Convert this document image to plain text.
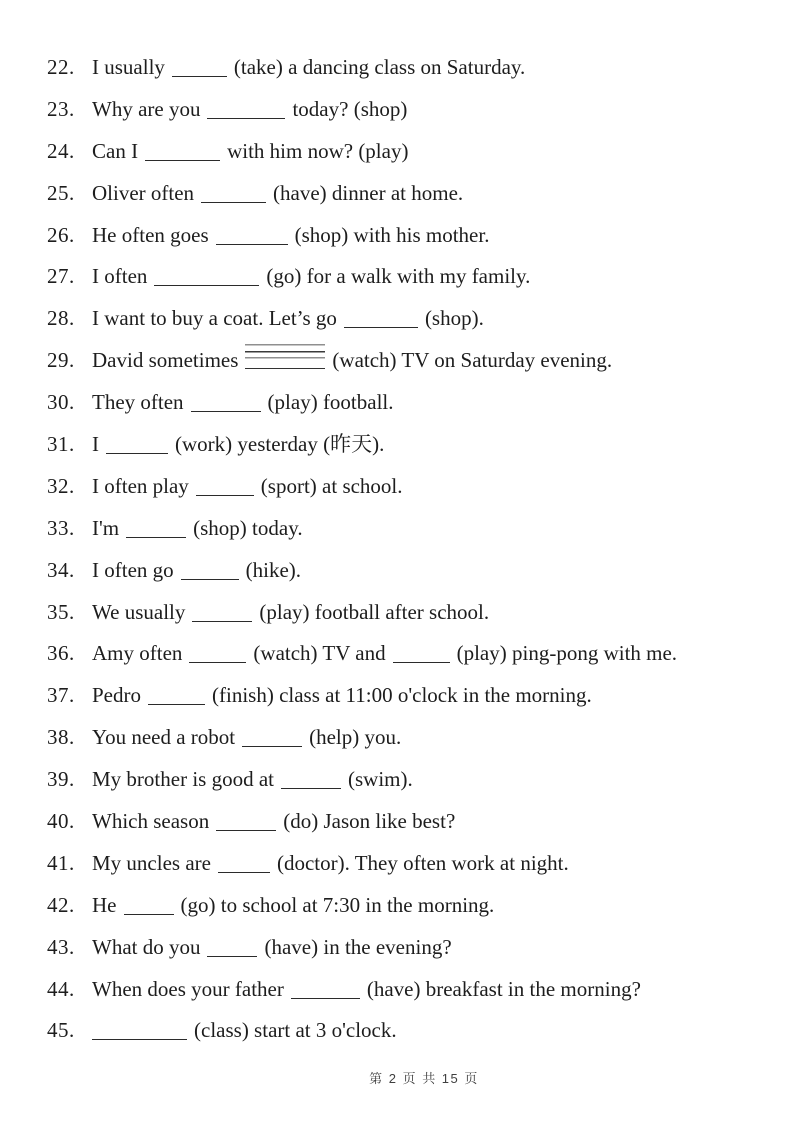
22. I usually	(take) a dancing class on Saturday.
23. Why are you	today? (shop)
24. Can I	with him now? (play)
25. Oliver often	(have) dinner at home.
26. He often goes	(shop) with his mother.
27. I often	(go) for a walk with my family.
28. I want to buy a coat. Let’s go	(shop).
29. David sometimes	(watch) TV on Saturday evening.
30. They often	(play) football.
31. I	(work) yesterday (昨天).
32. I often play	(sport) at school.
33. I'm	(shop) today.
34. I often go	(hike).
35. We usually	(play) football after school.
36. Amy often	(watch) TV and	(play) ping-pong with me.
37. Pedro	(finish) class at 11:00 o'clock in the morning.
38. You need a robot	(help) you.
39. My brother is good at	(swim).
40. Which season	(do) Jason like best?
41. My uncles are	(doctor). They often work at night.
42. He	(go) to school at 7:30 in the morning.
43. What do you	(have) in the evening?
44. When does your father	(have) breakfast in the morning?
45.	(class) start at 3 o'clock.
第 2 页 共 15 页
